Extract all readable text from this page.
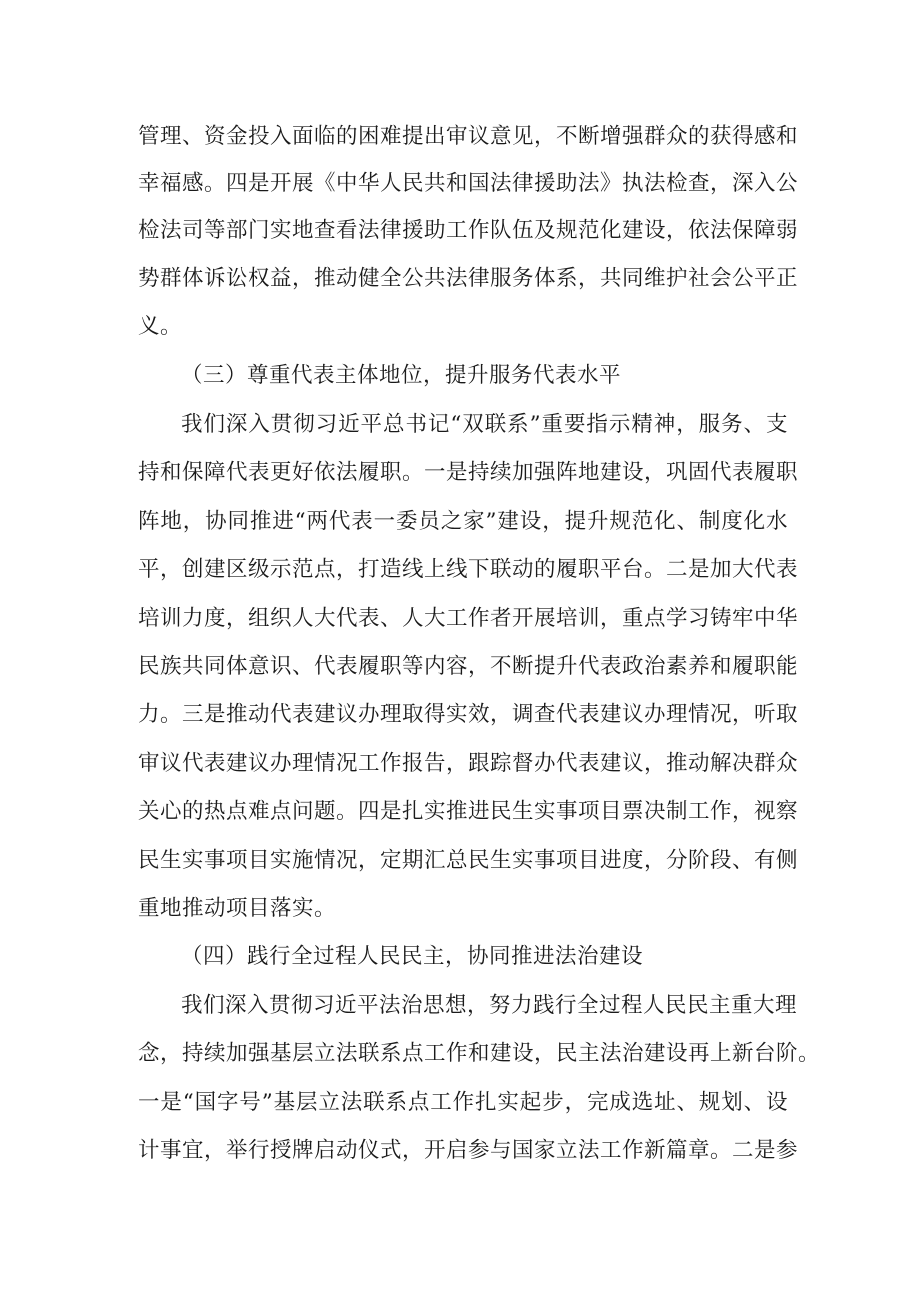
管理、资金投入面临的困难提出审议意见，不断增强群众的获得感和
幸福感。四是开展《中华人民共和国法律援助法》执法检查，深入公
检法司等部门实地查看法律援助工作队伍及规范化建设，依法保障弱
势群体诉讼权益，推动健全公共法律服务体系，共同维护社会公平正
义。
（三）尊重代表主体地位，提升服务代表水平
我们深入贯彻习近平总书记“双联系”重要指示精神，服务、支
持和保障代表更好依法履职。一是持续加强阵地建设，巩固代表履职
阵地，协同推进“两代表一委员之家”建设，提升规范化、制度化水
平，创建区级示范点，打造线上线下联动的履职平台。二是加大代表
培训力度，组织人大代表、人大工作者开展培训，重点学习铸牢中华
民族共同体意识、代表履职等内容，不断提升代表政治素养和履职能
力。三是推动代表建议办理取得实效，调查代表建议办理情况，听取
审议代表建议办理情况工作报告，跟踪督办代表建议，推动解决群众
关心的热点难点问题。四是扎实推进民生实事项目票决制工作，视察
民生实事项目实施情况，定期汇总民生实事项目进度，分阶段、有侧
重地推动项目落实。
（四）践行全过程人民民主，协同推进法治建设
我们深入贯彻习近平法治思想，努力践行全过程人民民主重大理
念，持续加强基层立法联系点工作和建设，民主法治建设再上新台阶。
一是“国字号”基层立法联系点工作扎实起步，完成选址、规划、设
计事宜，举行授牌启动仪式，开启参与国家立法工作新篇章。二是参
